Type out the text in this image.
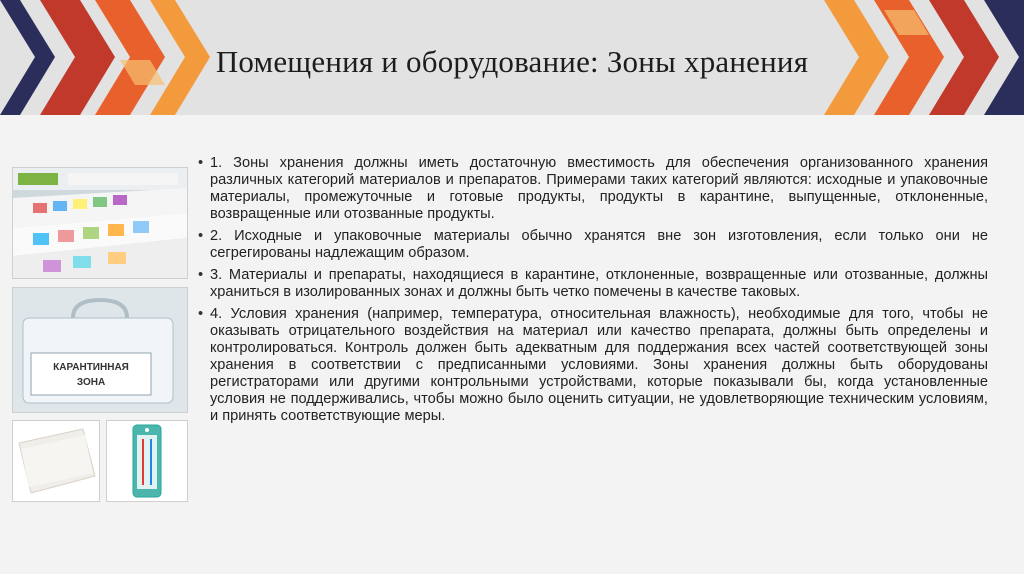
Помещения и оборудование: Зоны хранения
КАРАНТИННАЯ
ЗОНА
• 1. Зоны хранения должны иметь достаточную вместимость для обеспечения организованного хранения различных категорий материалов и препаратов. Примерами таких категорий являются: исходные и упаковочные материалы, промежуточные и готовые продукты, продукты в карантине, выпущенные, отклоненные, возвращенные или отозванные продукты.
• 2. Исходные и упаковочные материалы обычно хранятся вне зон изготовления, если только они не сегрегированы надлежащим образом.
• 3. Материалы и препараты, находящиеся в карантине, отклоненные, возвращенные или отозванные, должны храниться в изолированных зонах и должны быть четко помечены в качестве таковых.
• 4. Условия хранения (например, температура, относительная влажность), необходимые для того, чтобы не оказывать отрицательного воздействия на материал или качество препарата, должны быть определены и контролироваться. Контроль должен быть адекватным для поддержания всех частей соответствующей зоны хранения в соответствии с предписанными условиями. Зоны хранения должны быть оборудованы регистраторами или другими контрольными устройствами, которые показывали бы, когда установленные условия не поддерживались, чтобы можно было оценить ситуации, не удовлетворяющие техническим условиям, и принять соответствующие меры.
